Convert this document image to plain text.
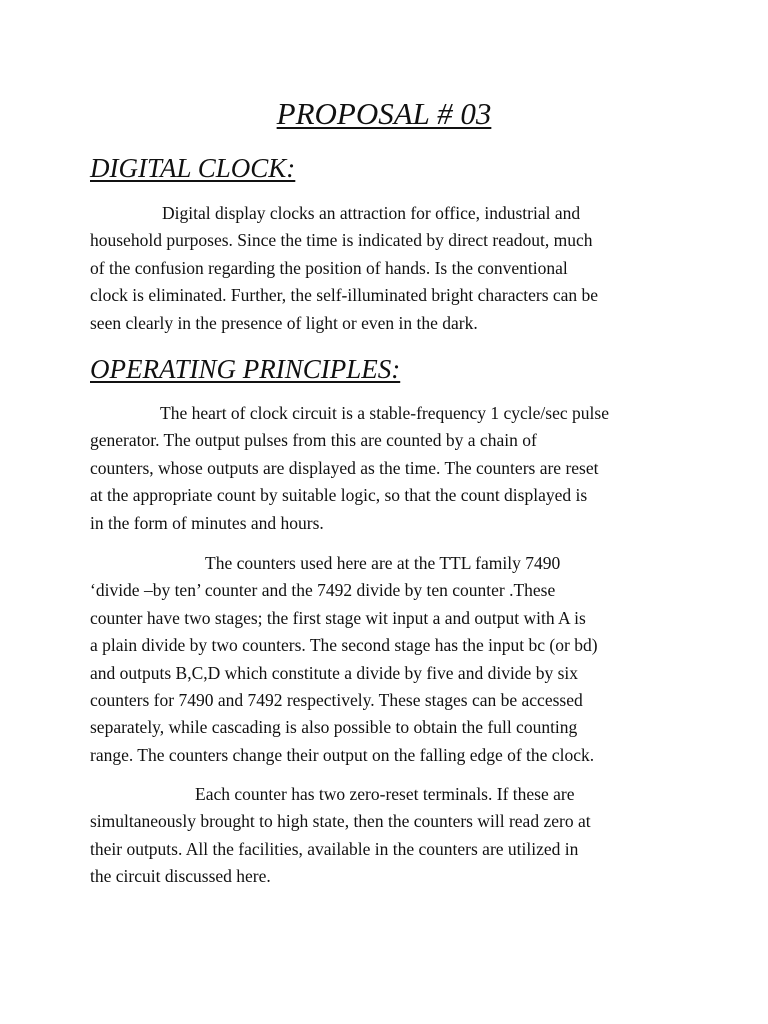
PROPOSAL # 03
DIGITAL CLOCK:

Digital display clocks an attraction for office, industrial and
household purposes. Since the time is indicated by direct readout, much
of the confusion regarding the position of hands. Is the conventional
clock is eliminated. Further, the self-illuminated bright characters can be
seen clearly in the presence of light or even in the dark.

OPERATING PRINCIPLES:

The heart of clock circuit is a stable-frequency 1 cycle/sec pulse
generator. The output pulses from this are counted by a chain of
counters, whose outputs are displayed as the time. The counters are reset
at the appropriate count by suitable logic, so that the count displayed is
in the form of minutes and hours.

The counters used here are at the TTL family 7490
‘divide –by ten’ counter and the 7492 divide by ten counter .These
counter have two stages; the first stage wit input a and output with A is
a plain divide by two counters. The second stage has the input bc (or bd)
and outputs B,C,D which constitute a divide by five and divide by six
counters for 7490 and 7492 respectively. These stages can be accessed
separately, while cascading is also possible to obtain the full counting
range. The counters change their output on the falling edge of the clock.

Each counter has two zero-reset terminals. If these are
simultaneously brought to high state, then the counters will read zero at
their outputs. All the facilities, available in the counters are utilized in
the circuit discussed here.
